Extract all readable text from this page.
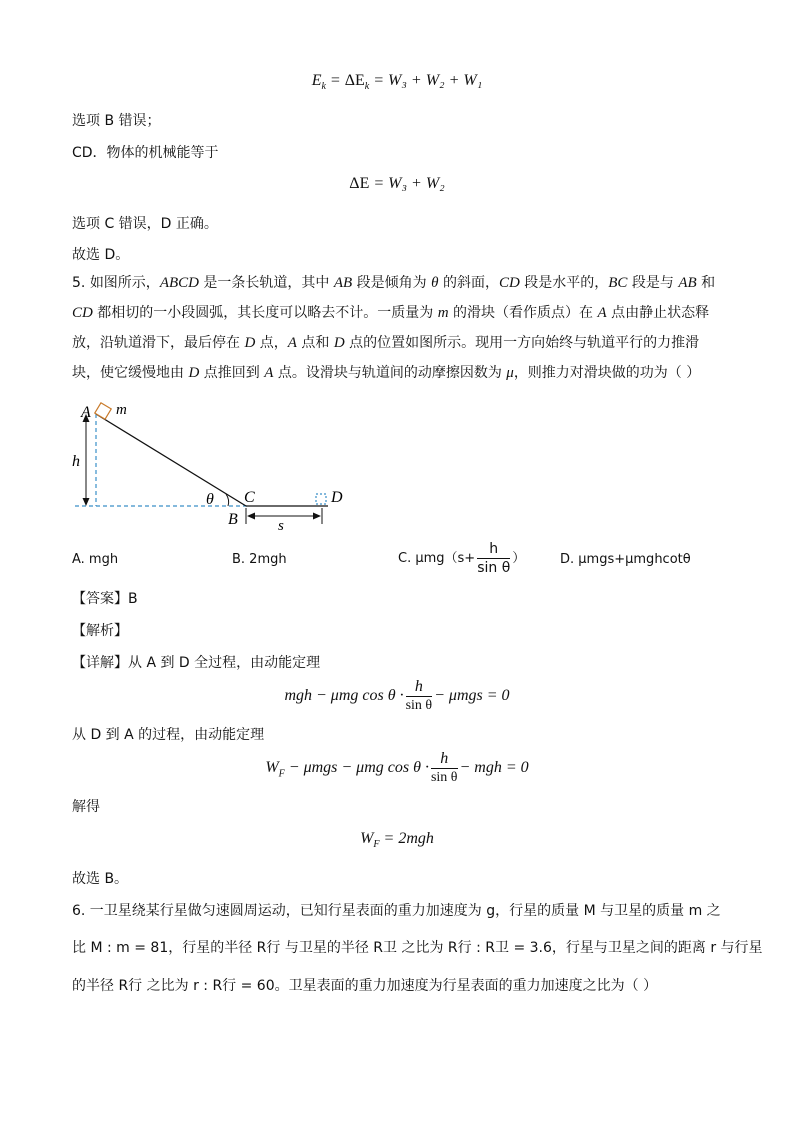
$E_k = \Delta E_k = W_3 + W_2 + W_1$
选项 B 错误；
CD．物体的机械能等于
ΔE = W₃ + W₂
选项 C 错误，D 正确。
故选 D。
5. 如图所示，ABCD 是一条长轨道，其中 AB 段是倾角为 θ 的斜面，CD 段是水平的，BC 段是与 AB 和 CD 都相切的一小段圆弧，其长度可以略去不计。一质量为 m 的滑块（看作质点）在 A 点由静止状态释放，沿轨道滑下，最后停在 D 点，A 点和 D 点的位置如图所示。现用一方向始终与轨道平行的力推滑块，使它缓慢地由 D 点推回到 A 点。设滑块与轨道间的动摩擦因数为 μ，则推力对滑块做的功为（ ）
A m
h
θ C
B
D
s
A. mgh	B. 2mgh	C. $\mu mg(s+ \frac{h}{\text{sin θ}}$ ）	D. μmgs+μmghcotθ
【答案】B
【解析】
【详解】从 A 到 D 全过程，由动能定理
mgh − μmg $\cos \theta \cdot \frac{h}{\text{sin θ}} - \mu mgs = 0$
从 D 到 A 的过程，由动能定理
$W_F - \mu mgs - \mu mg$ $\cos \theta \cdot \frac{h}{\text{sin θ}}$ − mgh = 0
解得
$W_F = 2mgh$
故选 B。
6. 一卫星绕某行星做匀速圆周运动，已知行星表面的重力加速度为 g，行星的质量 M 与卫星的质量 m 之
比 M : m = 81，行星的半径 R行 与卫星的半径 R卫 之比为 R行 : R卫 = 3.6，行星与卫星之间的距离 r 与行星
的半径 R行 之比为 r : R行 = 60。卫星表面的重力加速度为行星表面的重力加速度之比为（ ）
